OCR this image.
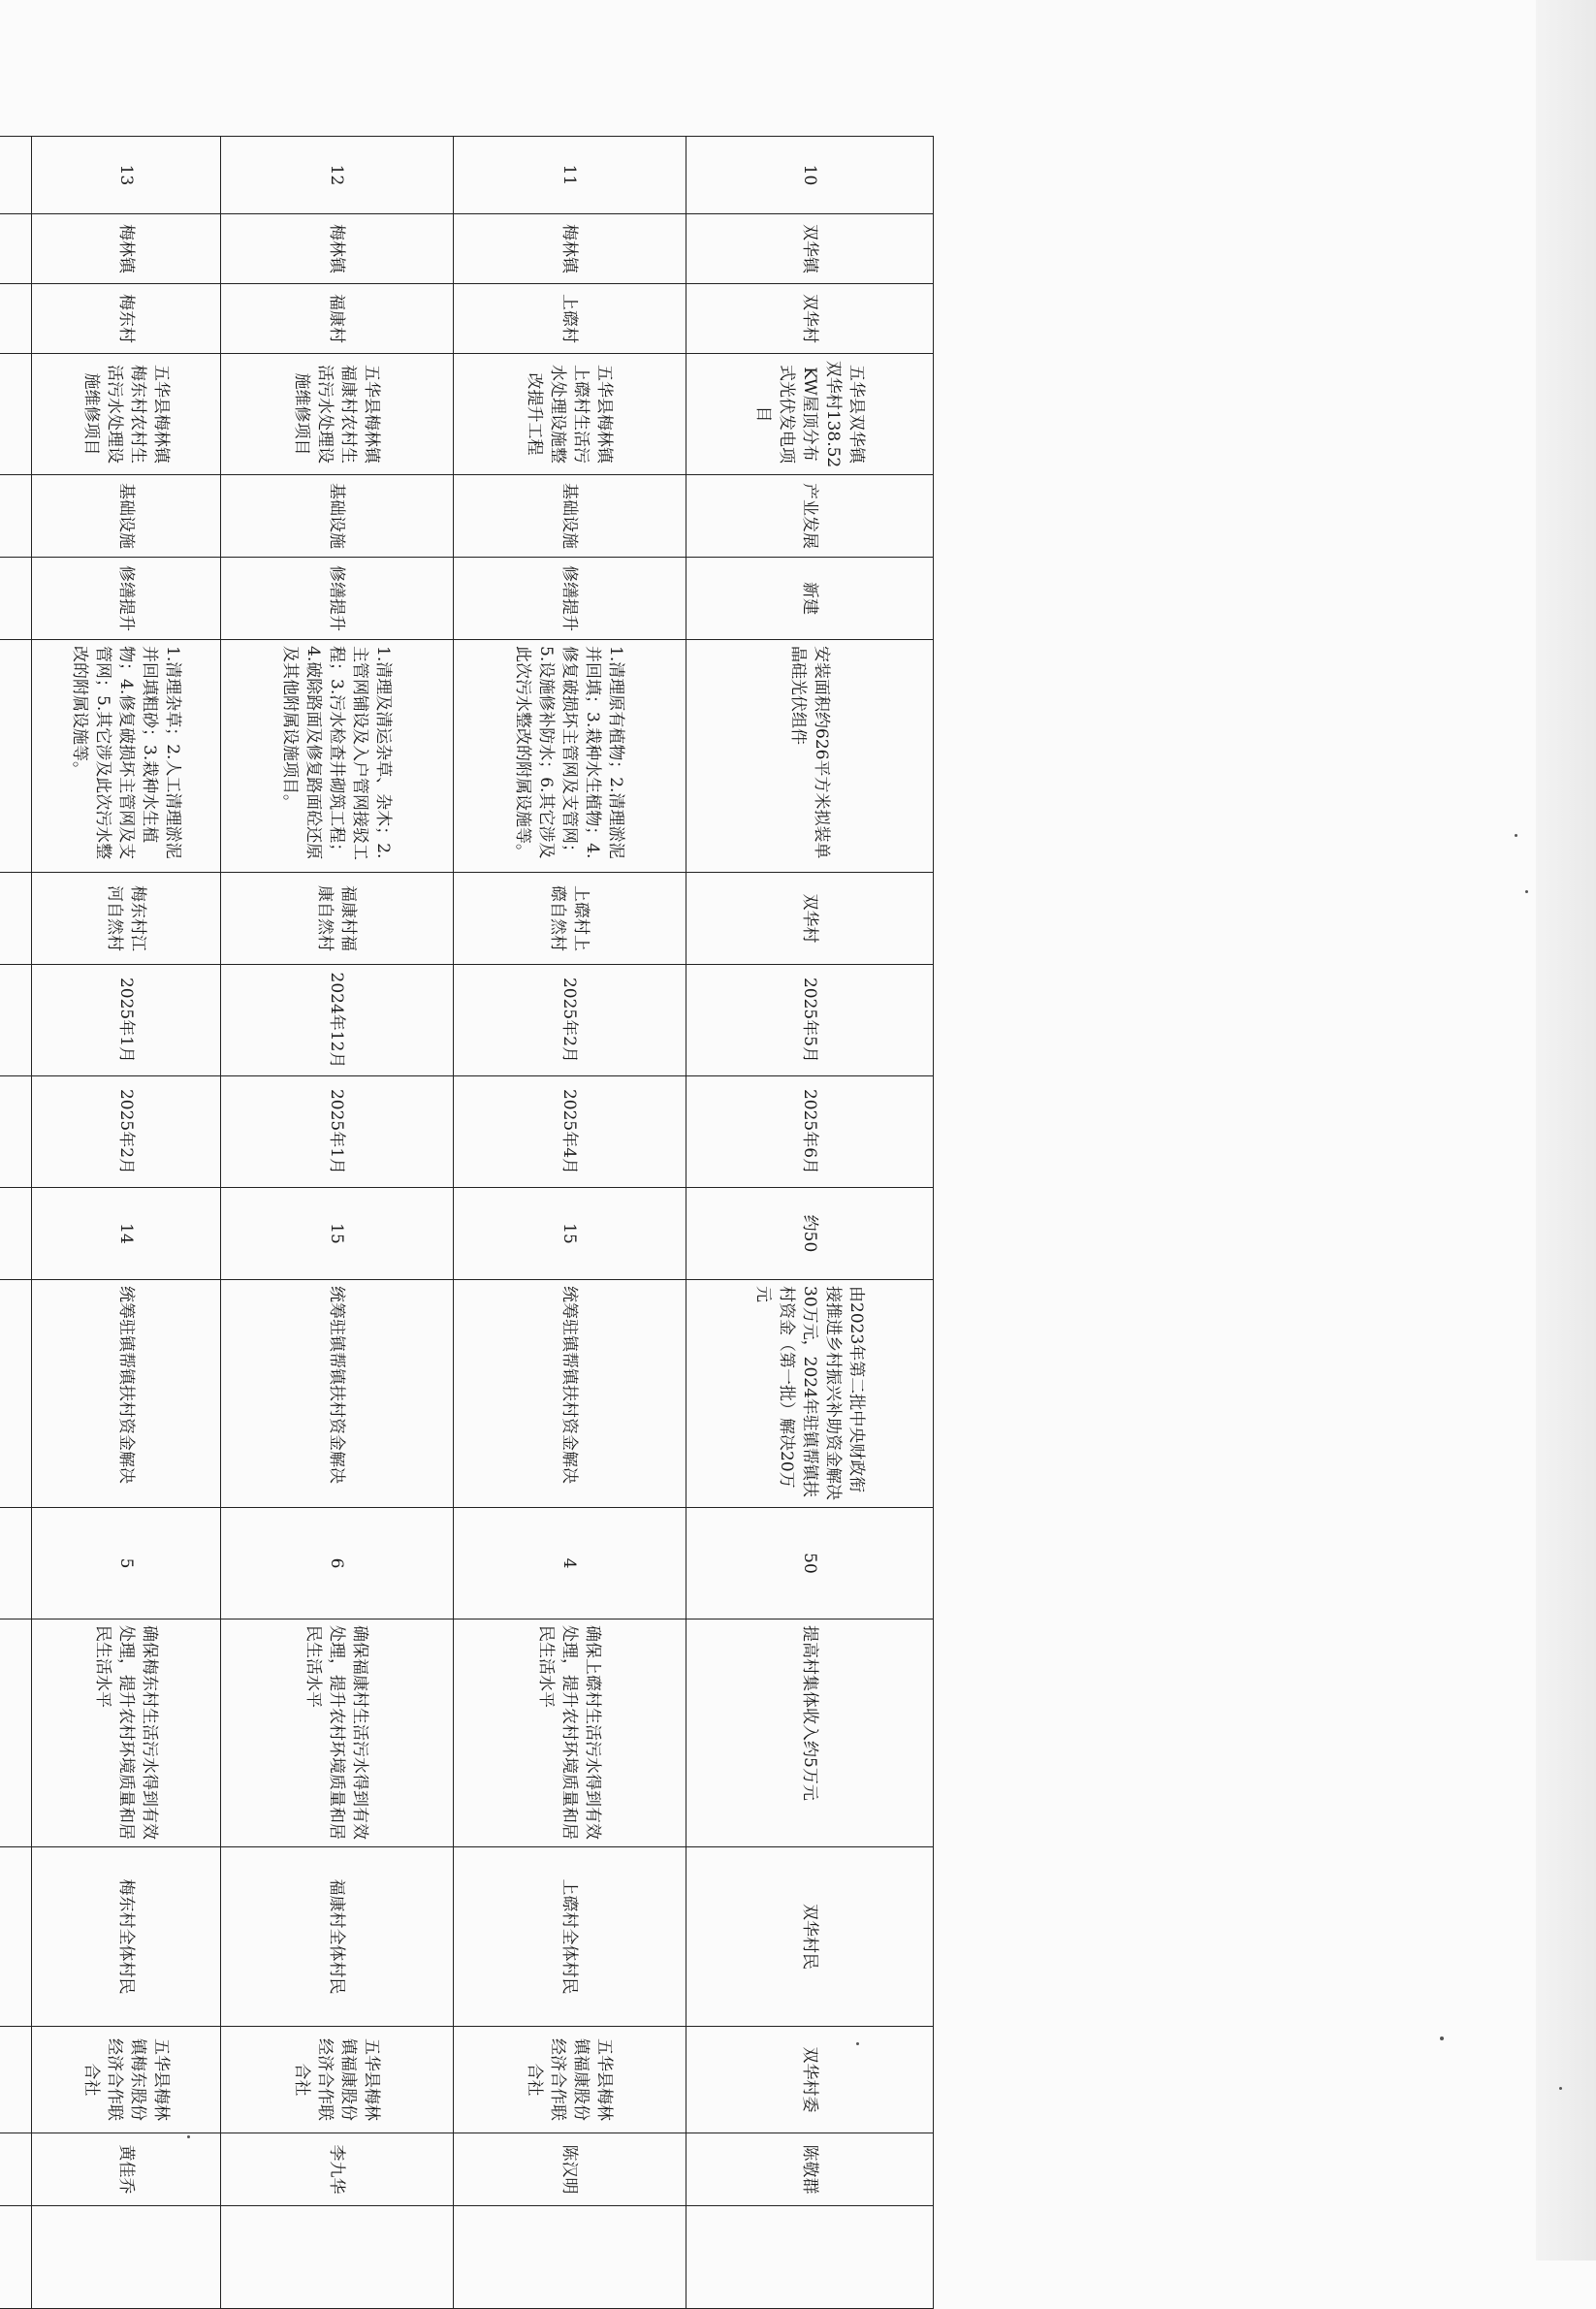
10	双华镇	双华村	五华县双华镇双华村138.52KW屋顶分布式光伏发电项目	产业发展	新建	安装面积约626平方米拟装单晶硅光伏组件	双华村	2025年5月	2025年6月	约50	由2023年第二批中央财政衔接推进乡村振兴补助资金解决30万元，2024年驻镇帮镇扶村资金（第一批）解决20万元	50	提高村集体收入约5万元	双华村民	双华村委	陈敬群	
11	梅林镇	上磜村	五华县梅林镇上磜村生活污水处理设施整改提升工程	基础设施	修缮提升	1.清理原有植物；2.清理淤泥并回填；3.栽种水生植物；4.修复破损坏主管网及支管网；5.设施修补防水；6.其它涉及此次污水整改的附属设施等。	上磜村上磜自然村	2025年2月	2025年4月	15	统筹驻镇帮镇扶村资金解决	4	确保上磜村生活污水得到有效处理，提升农村环境质量和居民生活水平	上磜村全体村民	五华县梅林镇福康股份经济合作联合社	陈汉明	
12	梅林镇	福康村	五华县梅林镇福康村农村生活污水处理设施维修项目	基础设施	修缮提升	1.清理及清运杂草、杂木；2.主管网铺设及入户管网接驳工程；3.污水检查井砌筑工程；4.破除路面及修复路面砼还原及其他附属设施项目。	福康村福康自然村	2024年12月	2025年1月	15	统筹驻镇帮镇扶村资金解决	6	确保福康村生活污水得到有效处理，提升农村环境质量和居民生活水平	福康村全体村民	五华县梅林镇福康股份经济合作联合社	李九华	
13	梅林镇	梅东村	五华县梅林镇梅东村农村生活污水处理设施维修项目	基础设施	修缮提升	1.清理杂草；2.人工清理淤泥并回填粗砂；3.栽种水生植物；4.修复破损坏主管网及支管网；5.其它涉及此次污水整改的附属设施等。	梅东村江河自然村	2025年1月	2025年2月	14	统筹驻镇帮镇扶村资金解决	5	确保梅东村生活污水得到有效处理，提升农村环境质量和居民生活水平	梅东村全体村民	五华县梅林镇梅东股份经济合作联合社	黄佳乔	
